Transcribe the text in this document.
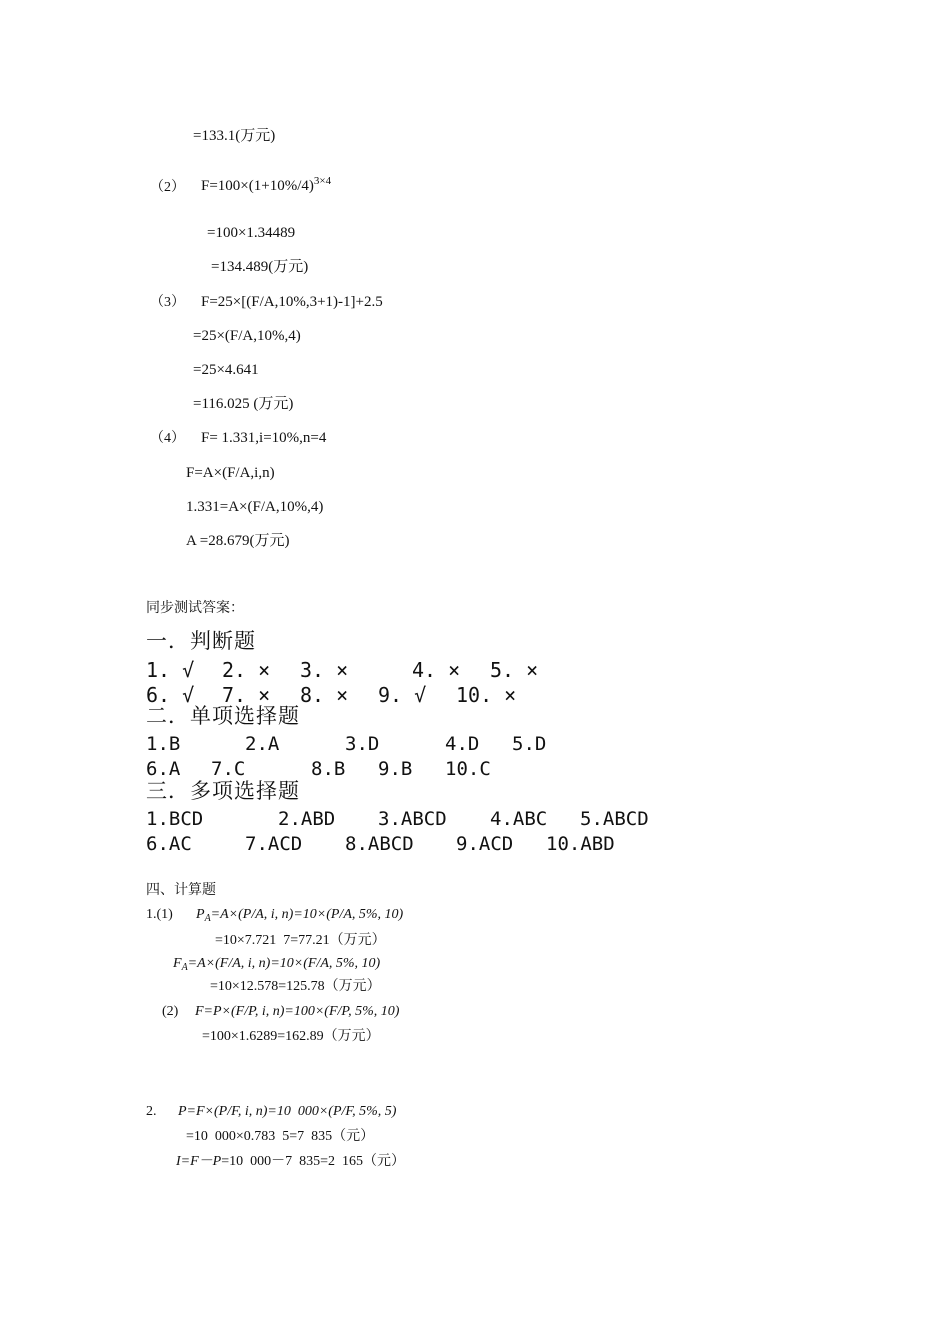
=133.1(万元)
（2） $F=100\times(1+10\%/4)^{3\times 4}$
=100×1.34489
=134.489(万元)
（3） F=25×[(F/A,10%,3+1)-1]+2.5
=25×(F/A,10%,4)
=25×4.641
=116.025 (万元)
（4） F= 1.331,i=10%,n=4
F=A×(F/A,i,n)
1.331=A×(F/A,10%,4)
A =28.679(万元)
同步测试答案：
一．判断题
1. √ 2. × 3. ×	4. × 5. ×
6. √ 7. × 8. × 9. √ 10. ×
二．单项选择题
1.B	2.A	3.D	4.D 5.D
6.A 7.C	8.B 9.B 10.C
三．多项选择题
1.BCD	2.ABD 3.ABCD 4.ABC 5.ABCD
6.AC	7.ACD 8.ABCD 9.ACD 10.ABD
四、计算题
1.(1) $P_A=A\times(P/A$, i, n)=10×(P/A, 5%, 10)
=10×7.721  7=77.21（万元）
$F_A=A\times(F/A$, i, n)=10×(F/A, 5%, 10)
=10×12.578=125.78（万元）
(2) F=P×(F/P, i, n)=100×(F/P, 5%, 10)
=100×1.6289=162.89（万元）
2. P=F×(P/F, i, n)=10  000×(P/F, 5%, 5)
=10  000×0.783  5=7  835（元）
I=F－P=10  000－7  835=2  165（元）
